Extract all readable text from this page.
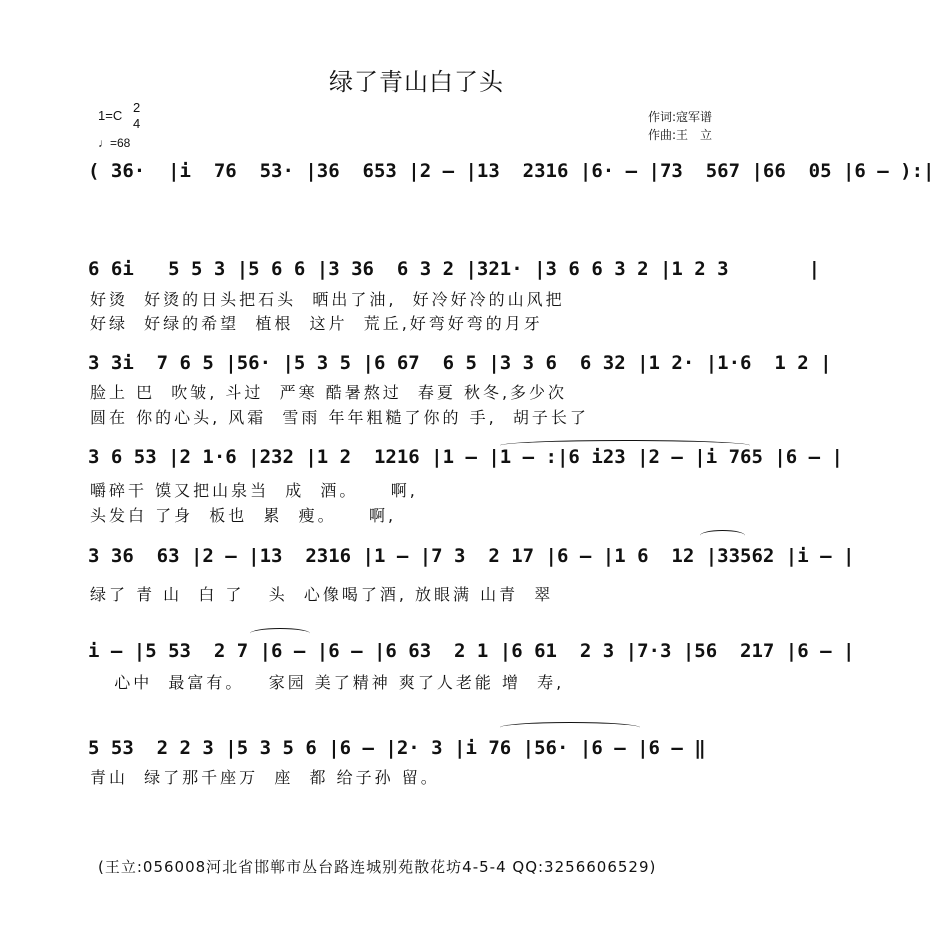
绿了青山白了头
1=C
2
4
♩=68
作词:寇军谱
作曲:王　立
( 36·  |i  76  53· |36  653 |2 – |13  2316 |6· – |73  567 |66  05 |6 – ):|
6 6i   5 5 3 |5 6 6 |3 36  6 3 2 |321· |3 6 6 3 2 |1 2 3       |
好烫  好烫的日头把石头  晒出了油,  好冷好冷的山风把
好绿  好绿的希望  植根  这片  荒丘,好弯好弯的月牙
3 3i  7 6 5 |56· |5 3 5 |6 67  6 5 |3 3 6  6 32 |1 2· |1·6  1 2 |
脸上 巴  吹皱, 斗过  严寒 酷暑熬过  春夏 秋冬,多少次
圆在 你的心头, 风霜  雪雨 年年粗糙了你的 手,  胡子长了
3 6 53 |2 1·6 |232 |1 2  1216 |1 – |1 – :|6 i23 |2 – |i 765 |6 – |
嚼碎干 馍又把山泉当  成  酒。    啊,
头发白 了身  板也  累  瘦。    啊,
3 36  63 |2 – |13  2316 |1 – |7 3  2 17 |6 – |1 6  12 |33562 |i – |
绿了 青 山  白 了   头  心像喝了酒, 放眼满 山青  翠
i – |5 53  2 7 |6 – |6 – |6 63  2 1 |6 61  2 3 |7·3 |56  217 |6 – |
心中  最富有。   家园 美了精神 爽了人老能 增  寿,
5 53  2 2 3 |5 3 5 6 |6 – |2· 3 |i 76 |56· |6 – |6 – ‖
青山  绿了那千座万  座  都 给子孙 留。
(王立:056008河北省邯郸市丛台路连城别苑散花坊4-5-4 QQ:3256606529)
